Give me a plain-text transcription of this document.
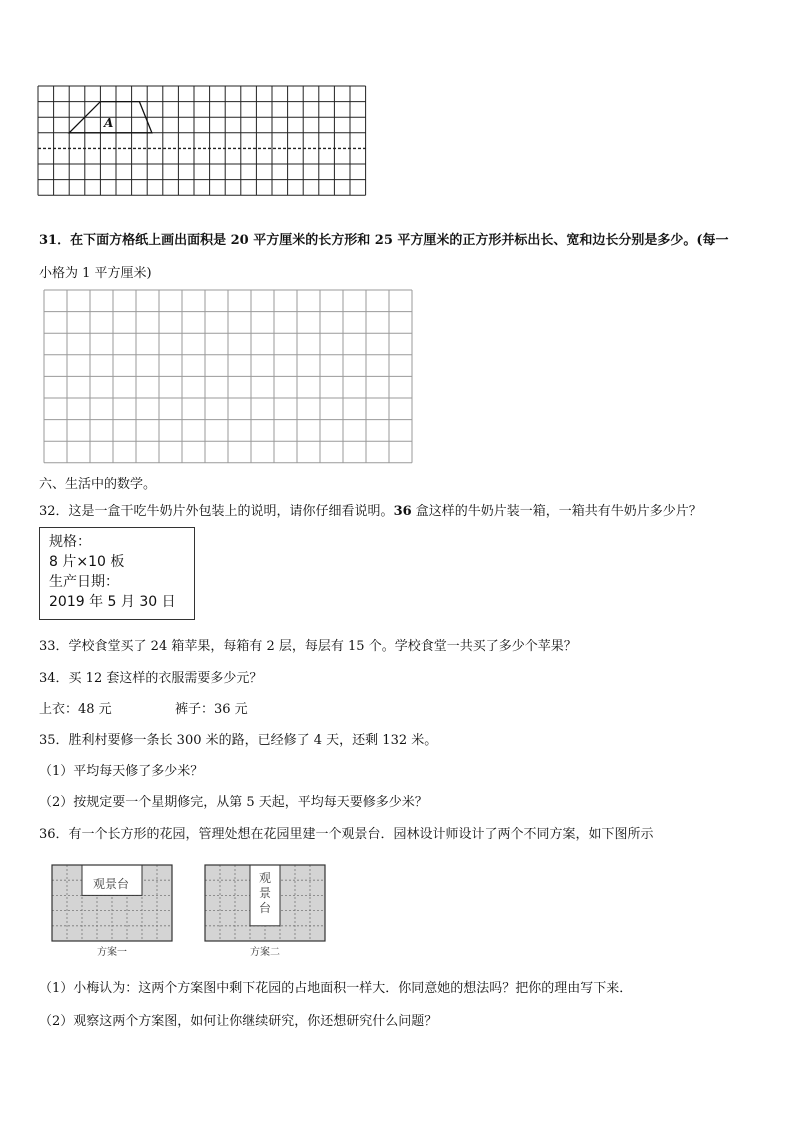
A
31．在下面方格纸上画出面积是 20 平方厘米的长方形和 25 平方厘米的正方形并标出长、宽和边长分别是多少。(每一
小格为 1 平方厘米)
六、生活中的数学。
32．这是一盒干吃牛奶片外包装上的说明，请你仔细看说明。36 盒这样的牛奶片装一箱，一箱共有牛奶片多少片？
规格：
8 片×10 板
生产日期：
2019 年 5 月 30 日
33．学校食堂买了 24 箱苹果，每箱有 2 层，每层有 15 个。学校食堂一共买了多少个苹果？
34．买 12 套这样的衣服需要多少元？
上衣：48 元	裤子：36 元
35．胜利村要修一条长 300 米的路，已经修了 4 天，还剩 132 米。
（1）平均每天修了多少米？
（2）按规定要一个星期修完，从第 5 天起，平均每天要修多少米？
36．有一个长方形的花园，管理处想在花园里建一个观景台．园林设计师设计了两个不同方案，如下图所示
观景台
方案一
观
景
台
方案二
（1）小梅认为：这两个方案图中剩下花园的占地面积一样大．你同意她的想法吗？把你的理由写下来．
（2）观察这两个方案图，如何让你继续研究，你还想研究什么问题？
